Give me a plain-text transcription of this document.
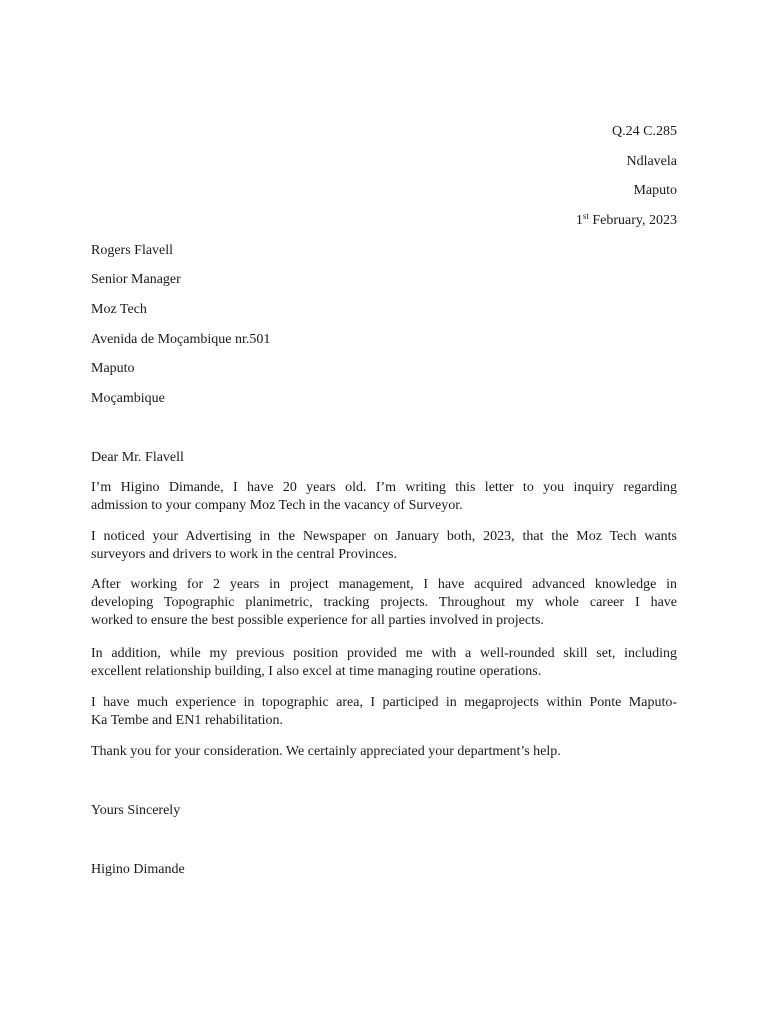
Q.24 C.285
Ndlavela
Maputo
1st February, 2023
Rogers Flavell
Senior Manager
Moz Tech
Avenida de Moçambique nr.501
Maputo
Moçambique
Dear Mr. Flavell
I’m Higino Dimande, I have 20 years old. I’m writing this letter to you inquiry regarding
admission to your company Moz Tech in the vacancy of Surveyor.
I noticed your Advertising in the Newspaper on January both, 2023, that the Moz Tech wants
surveyors and drivers to work in the central Provinces.
After working for 2 years in project management, I have acquired advanced knowledge in
developing Topographic planimetric, tracking projects. Throughout my whole career I have
worked to ensure the best possible experience for all parties involved in projects.
In addition, while my previous position provided me with a well-rounded skill set, including
excellent relationship building, I also excel at time managing routine operations.
I have much experience in topographic area, I participed in megaprojects within Ponte Maputo-
Ka Tembe and EN1 rehabilitation.
Thank you for your consideration. We certainly appreciated your department’s help.
Yours Sincerely
Higino Dimande
